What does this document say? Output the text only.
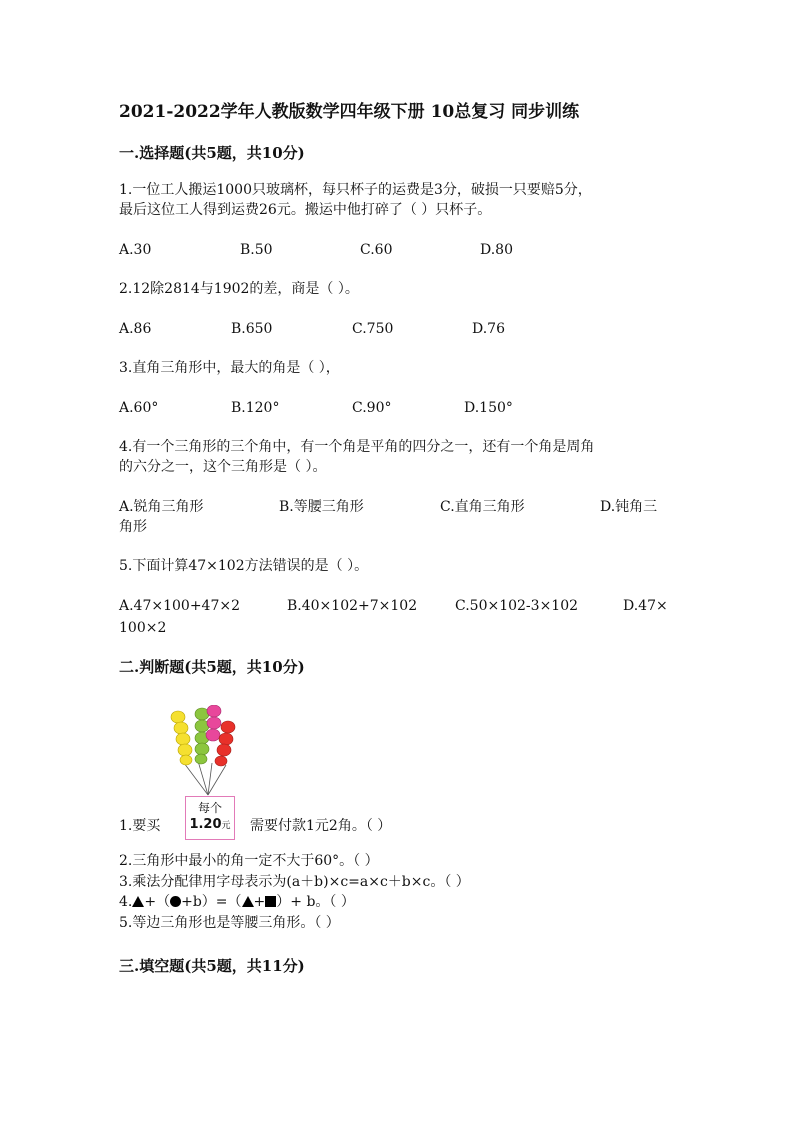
2021-2022学年人教版数学四年级下册 10总复习 同步训练
一.选择题(共5题，共10分)
1.一位工人搬运1000只玻璃杯，每只杯子的运费是3分，破损一只要赔5分，
最后这位工人得到运费26元。搬运中他打碎了（ ）只杯子。
A.30	B.50	C.60	D.80
2.12除2814与1902的差，商是（ ）。
A.86	B.650	C.750	D.76
3.直角三角形中，最大的角是（ ），
A.60°	B.120°	C.90°	D.150°
4.有一个三角形的三个角中，有一个角是平角的四分之一，还有一个角是周角
的六分之一，这个三角形是（ ）。
A.锐角三角形	B.等腰三角形	C.直角三角形	D.钝角三
角形
5.下面计算47×102方法错误的是（ ）。
A.47×100+47×2	B.40×102+7×102	C.50×102-3×102	D.47×
100×2
二.判断题(共5题，共10分)
1.要买
每个
1.20元 需要付款1元2角。（ ）
2.三角形中最小的角一定不大于60°。（ ）
3.乘法分配律用字母表示为(a＋b)×c=a×c＋b×c。（ ）
4. +（ +b）=（ + ）+ b。（ ）
5.等边三角形也是等腰三角形。（ ）
三.填空题(共5题，共11分)
